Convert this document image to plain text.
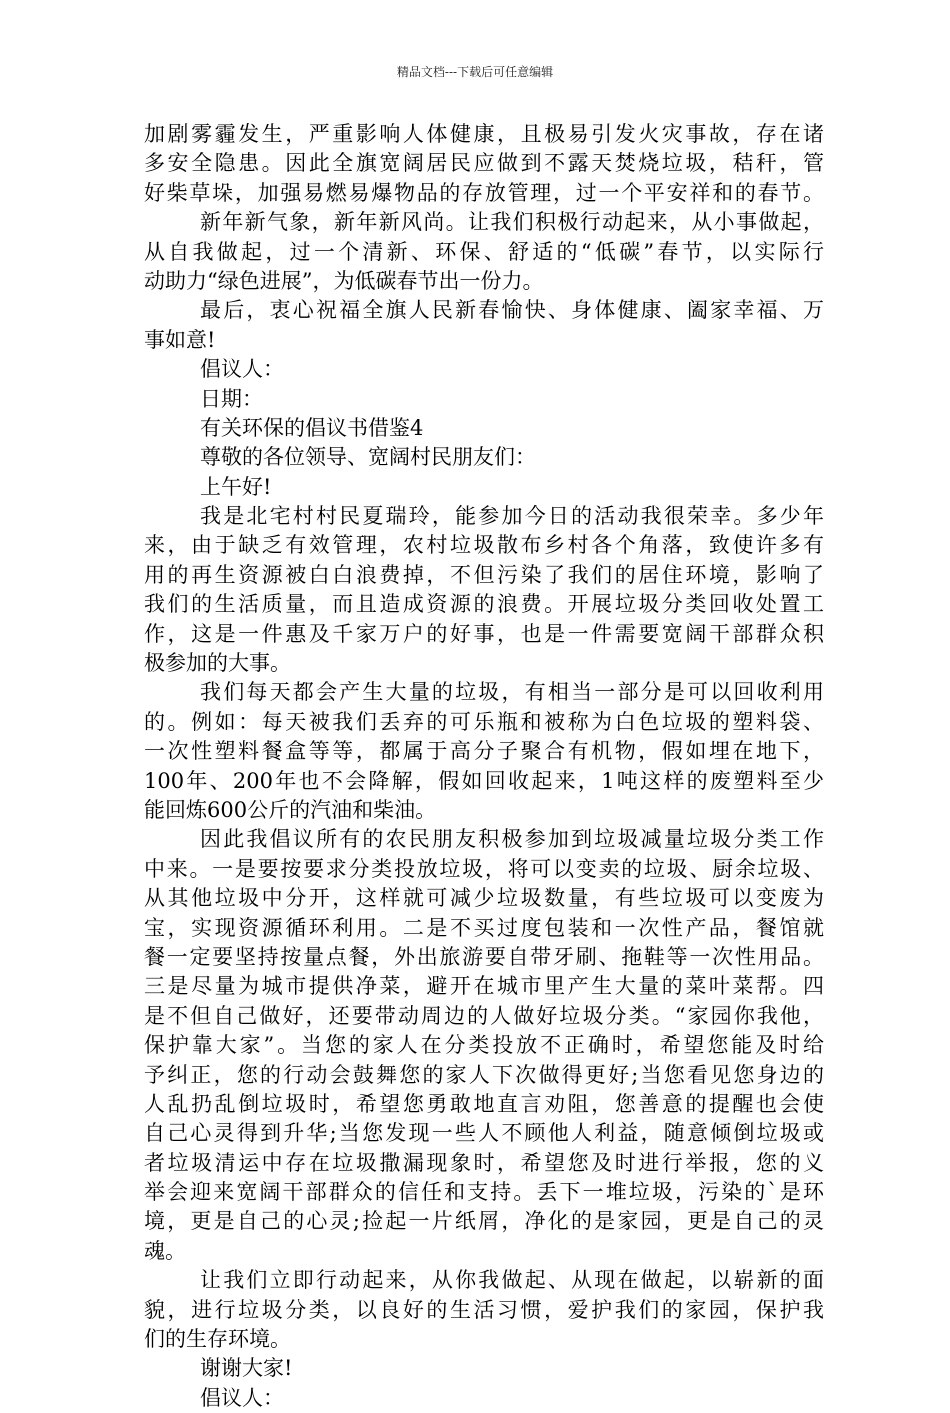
精品文档---下载后可任意编辑
加剧雾霾发生，严重影响人体健康，且极易引发火灾事故，存在诸
多安全隐患。因此全旗宽阔居民应做到不露天焚烧垃圾，秸秆，管
好柴草垛，加强易燃易爆物品的存放管理，过一个平安祥和的春节。
新年新气象，新年新风尚。让我们积极行动起来，从小事做起，
从自我做起，过一个清新、环保、舒适的“低碳”春节，以实际行
动助力“绿色进展”，为低碳春节出一份力。
最后，衷心祝福全旗人民新春愉快、身体健康、阖家幸福、万
事如意!
倡议人：
日期：
有关环保的倡议书借鉴4
尊敬的各位领导、宽阔村民朋友们：
上午好!
我是北宅村村民夏瑞玲，能参加今日的活动我很荣幸。多少年
来，由于缺乏有效管理，农村垃圾散布乡村各个角落，致使许多有
用的再生资源被白白浪费掉，不但污染了我们的居住环境，影响了
我们的生活质量，而且造成资源的浪费。开展垃圾分类回收处置工
作，这是一件惠及千家万户的好事，也是一件需要宽阔干部群众积
极参加的大事。
我们每天都会产生大量的垃圾，有相当一部分是可以回收利用
的。例如：每天被我们丢弃的可乐瓶和被称为白色垃圾的塑料袋、
一次性塑料餐盒等等，都属于高分子聚合有机物，假如埋在地下，
100年、200年也不会降解，假如回收起来，1吨这样的废塑料至少
能回炼600公斤的汽油和柴油。
因此我倡议所有的农民朋友积极参加到垃圾减量垃圾分类工作
中来。一是要按要求分类投放垃圾，将可以变卖的垃圾、厨余垃圾、
从其他垃圾中分开，这样就可减少垃圾数量，有些垃圾可以变废为
宝，实现资源循环利用。二是不买过度包装和一次性产品，餐馆就
餐一定要坚持按量点餐，外出旅游要自带牙刷、拖鞋等一次性用品。
三是尽量为城市提供净菜，避开在城市里产生大量的菜叶菜帮。四
是不但自己做好，还要带动周边的人做好垃圾分类。“家园你我他，
保护靠大家”。当您的家人在分类投放不正确时，希望您能及时给
予纠正，您的行动会鼓舞您的家人下次做得更好;当您看见您身边的
人乱扔乱倒垃圾时，希望您勇敢地直言劝阻，您善意的提醒也会使
自己心灵得到升华;当您发现一些人不顾他人利益，随意倾倒垃圾或
者垃圾清运中存在垃圾撒漏现象时，希望您及时进行举报，您的义
举会迎来宽阔干部群众的信任和支持。丢下一堆垃圾，污染的`是环
境，更是自己的心灵;捡起一片纸屑，净化的是家园，更是自己的灵
魂。
让我们立即行动起来，从你我做起、从现在做起，以崭新的面
貌，进行垃圾分类，以良好的生活习惯，爱护我们的家园，保护我
们的生存环境。
谢谢大家!
倡议人：
